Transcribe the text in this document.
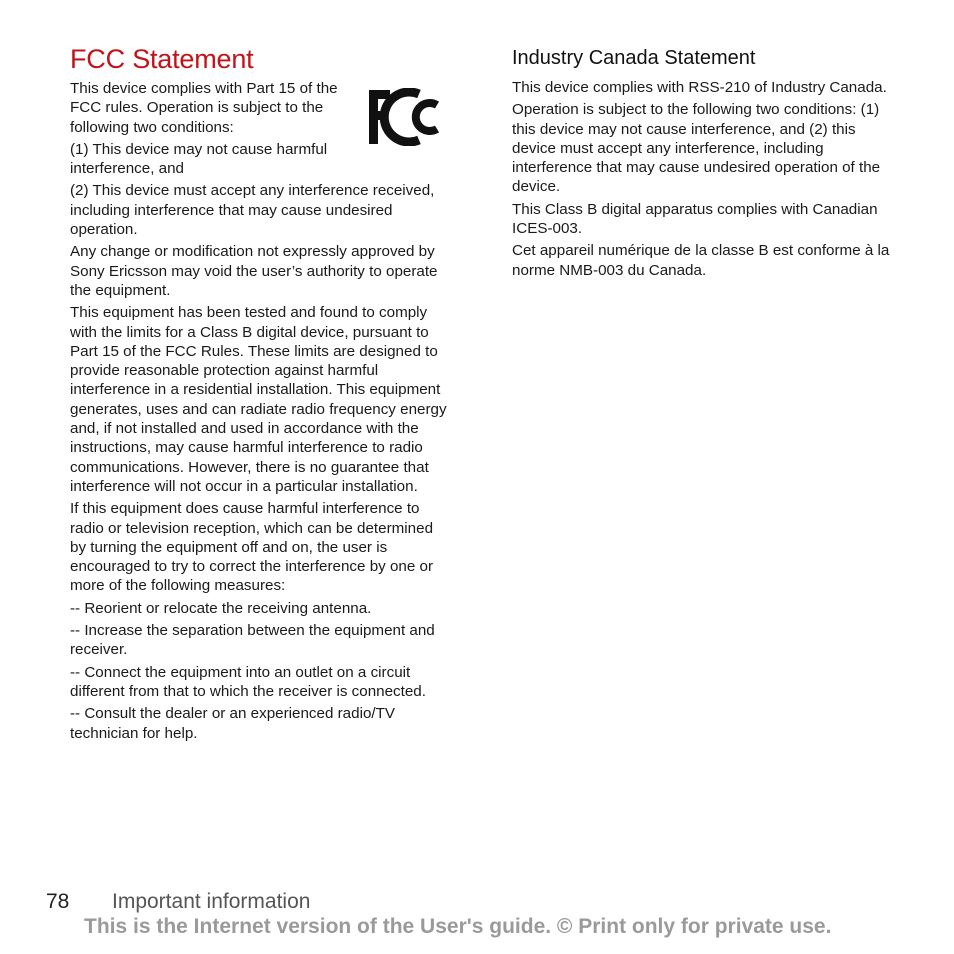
FCC Statement

This device complies with Part 15 of the FCC rules. Operation is subject to the following two conditions:

(1) This device may not cause harmful interference, and

(2) This device must accept any interference received, including interference that may cause undesired operation.

Any change or modification not expressly approved by Sony Ericsson may void the user’s authority to operate the equipment.

This equipment has been tested and found to comply with the limits for a Class B digital device, pursuant to Part 15 of the FCC Rules. These limits are designed to provide reasonable protection against harmful interference in a residential installation. This equipment generates, uses and can radiate radio frequency energy and, if not installed and used in accordance with the instructions, may cause harmful interference to radio communications. However, there is no guarantee that interference will not occur in a particular installation.

If this equipment does cause harmful interference to radio or television reception, which can be determined by turning the equipment off and on, the user is encouraged to try to correct the interference by one or more of the following measures:

-- Reorient or relocate the receiving antenna.

-- Increase the separation between the equipment and receiver.

-- Connect the equipment into an outlet on a circuit different from that to which the receiver is connected.

-- Consult the dealer or an experienced radio/TV technician for help.

Industry Canada Statement

This device complies with RSS-210 of Industry Canada.

Operation is subject to the following two conditions: (1) this device may not cause interference, and (2) this device must accept any interference, including interference that may cause undesired operation of the device.

This Class B digital apparatus complies with Canadian ICES-003.

Cet appareil numérique de la classe B est conforme à la norme NMB-003 du Canada.

78 Important information
This is the Internet version of the User's guide. © Print only for private use.
